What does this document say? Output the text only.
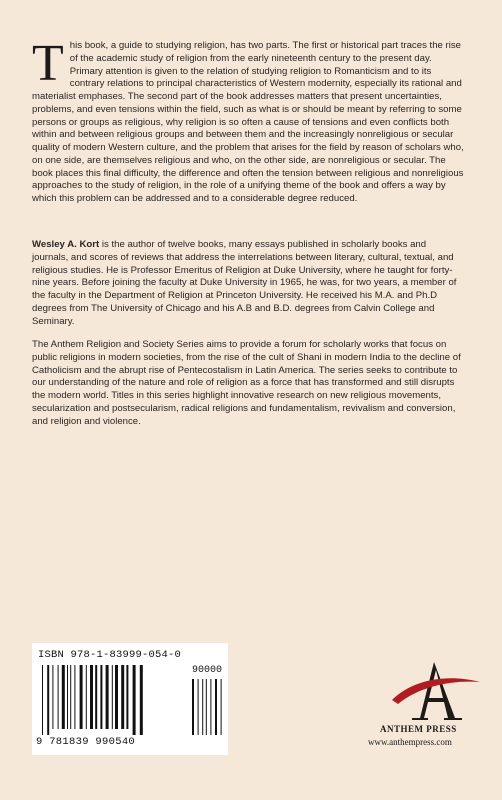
This book, a guide to studying religion, has two parts. The first or historical part traces the rise of the academic study of religion from the early nineteenth century to the present day. Primary attention is given to the relation of studying religion to Romanticism and to its contrary relations to principal characteristics of Western modernity, especially its rational and materialist emphases. The second part of the book addresses matters that present uncertainties, problems, and even tensions within the field, such as what is or should be meant by referring to some persons or groups as religious, why religion is so often a cause of tensions and even conflicts both within and between religious groups and between them and the increasingly nonreligious or secular quality of modern Western culture, and the problem that arises for the field by reason of scholars who, on one side, are themselves religious and who, on the other side, are nonreligious or secular. The book places this final difficulty, the difference and often the tension between religious and nonreligious approaches to the study of religion, in the role of a unifying theme of the book and offers a way by which this problem can be addressed and to a considerable degree reduced.

Wesley A. Kort is the author of twelve books, many essays published in scholarly books and journals, and scores of reviews that address the interrelations between literary, cultural, textual, and religious studies. He is Professor Emeritus of Religion at Duke University, where he taught for forty-nine years. Before joining the faculty at Duke University in 1965, he was, for two years, a member of the faculty in the Department of Religion at Princeton University. He received his M.A. and Ph.D degrees from The University of Chicago and his A.B and B.D. degrees from Calvin College and Seminary.

The Anthem Religion and Society Series aims to provide a forum for scholarly works that focus on public religions in modern societies, from the rise of the cult of Shani in modern India to the decline of Catholicism and the abrupt rise of Pentecostalism in Latin America. The series seeks to contribute to our understanding of the nature and role of religion as a force that has transformed and still disrupts the modern world. Titles in this series highlight innovative research on new religious movements, secularization and postsecularism, radical religions and fundamentalism, revivalism and conversion, and religion and violence.

ISBN 978-1-83999-054-0
90000
9 781839 990540
ANTHEM PRESS
www.anthempress.com
